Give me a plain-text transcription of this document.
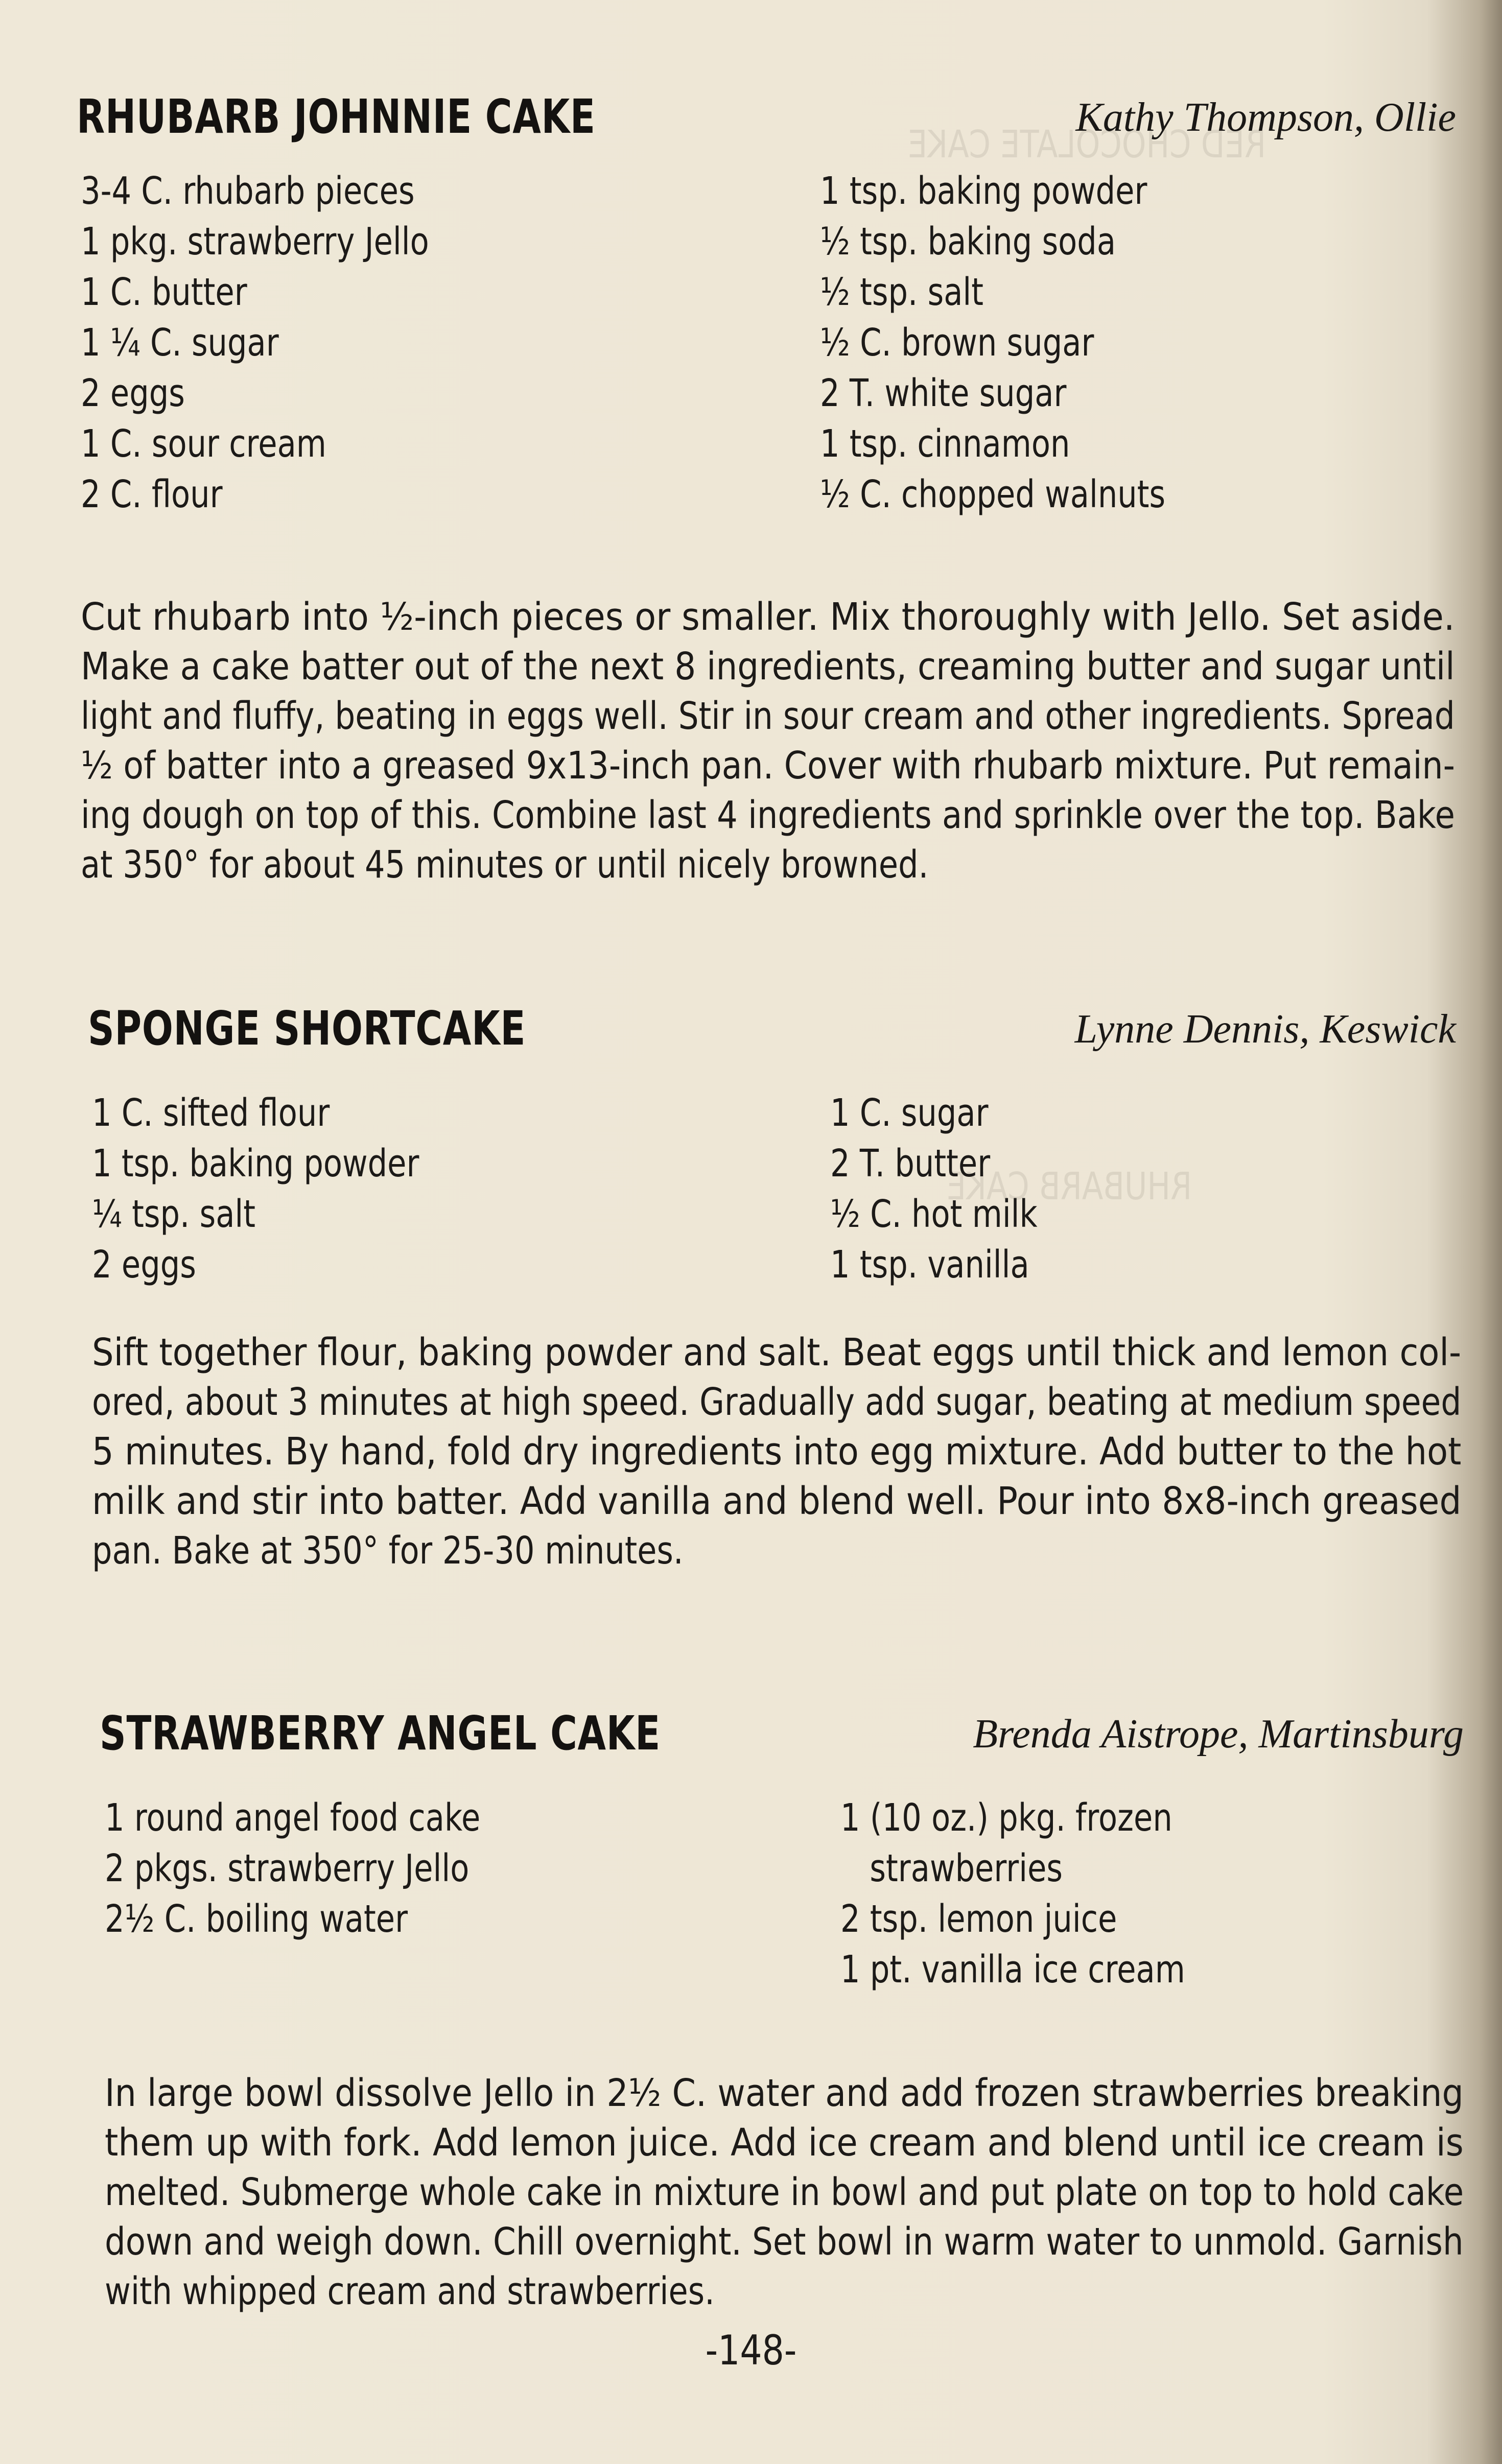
RED CHOCOLATE CAKE
RHUBARB CAKE
RHUBARB JOHNNIE CAKE	Kathy Thompson, Ollie
3-4 C. rhubarb pieces
1 pkg. strawberry Jello
1 C. butter
1 ¼ C. sugar
2 eggs
1 C. sour cream
2 C. flour
1 tsp. baking powder
½ tsp. baking soda
½ tsp. salt
½ C. brown sugar
2 T. white sugar
1 tsp. cinnamon
½ C. chopped walnuts
Cut rhubarb into ½-inch pieces or smaller. Mix thoroughly with Jello. Set aside.
Make a cake batter out of the next 8 ingredients, creaming butter and sugar until
light and fluffy, beating in eggs well. Stir in sour cream and other ingredients. Spread
½ of batter into a greased 9x13-inch pan. Cover with rhubarb mixture. Put remain-
ing dough on top of this. Combine last 4 ingredients and sprinkle over the top. Bake
at 350° for about 45 minutes or until nicely browned.
SPONGE SHORTCAKE	Lynne Dennis, Keswick
1 C. sifted flour
1 tsp. baking powder
¼ tsp. salt
2 eggs
1 C. sugar
2 T. butter
½ C. hot milk
1 tsp. vanilla
Sift together flour, baking powder and salt. Beat eggs until thick and lemon col-
ored, about 3 minutes at high speed. Gradually add sugar, beating at medium speed
5 minutes. By hand, fold dry ingredients into egg mixture. Add butter to the hot
milk and stir into batter. Add vanilla and blend well. Pour into 8x8-inch greased
pan. Bake at 350° for 25-30 minutes.
STRAWBERRY ANGEL CAKE	Brenda Aistrope, Martinsburg
1 round angel food cake
2 pkgs. strawberry Jello
2½ C. boiling water
1 (10 oz.) pkg. frozen
strawberries
2 tsp. lemon juice
1 pt. vanilla ice cream
In large bowl dissolve Jello in 2½ C. water and add frozen strawberries breaking
them up with fork. Add lemon juice. Add ice cream and blend until ice cream is
melted. Submerge whole cake in mixture in bowl and put plate on top to hold cake
down and weigh down. Chill overnight. Set bowl in warm water to unmold. Garnish
with whipped cream and strawberries.
-148-
